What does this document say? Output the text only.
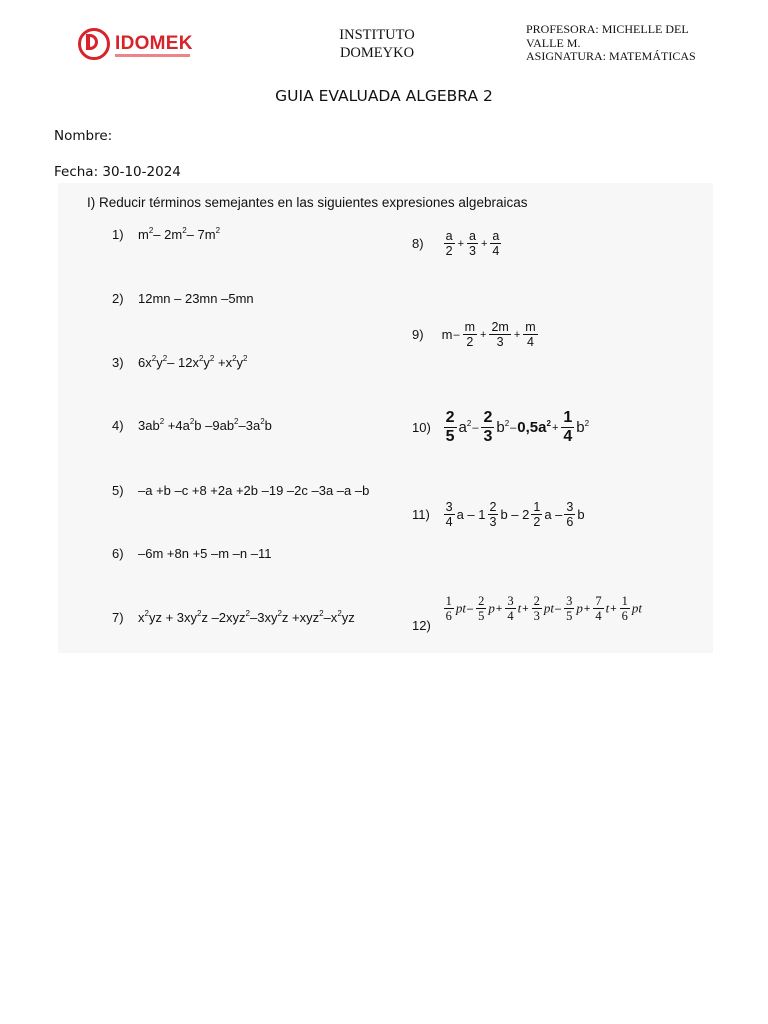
IDOMEK	INSTITUTO
DOMEYKO
PROFESORA: MICHELLE DEL
VALLE M.
ASIGNATURA: MATEMÁTICAS
GUIA EVALUADA ALGEBRA 2
Nombre:
Fecha: 30-10-2024
I) Reducir términos semejantes en las siguientes expresiones algebraicas
1) $m^2-$ $2m^2-$ $7m^2$
2) 12mn – 23mn –5mn
3) $6x^2y^2-$ $12x^2y^2 +x^2y^2$
4) $3ab^2 +4a^2b$ $-9ab^2-3a^2b$
5) –a +b –c +8 +2a +2b –19 –2c –3a –a –b
6) –6m +8n +5 –m –n –11
7) $x^2yz + 3xy^2z$ $-2xyz^2-3xy^2z +xyz^2-x^2yz$
$8) \frac{a}{2} + \frac{a}{3} + \frac{a}{4}$
9) $m- \frac{m}{2} + \frac{2m}{3} + \frac{m}{4}$
$10) \frac{2}{5} a^2- \frac{2}{3} b^2-0,5a^2+ \frac{1}{4} b^2$
$11) \frac{3}{4}$ a – $1 \frac{2}{3}$ b – $2 \frac{1}{2}$ a – $\frac{3}{6}$ b
12)
$\frac{1}{6} pt- \frac{2}{5} p+ \frac{3}{4} t+ \frac{2}{3} pt- \frac{3}{5} p+ \frac{7}{4} t+ \frac{1}{6}$ pt
